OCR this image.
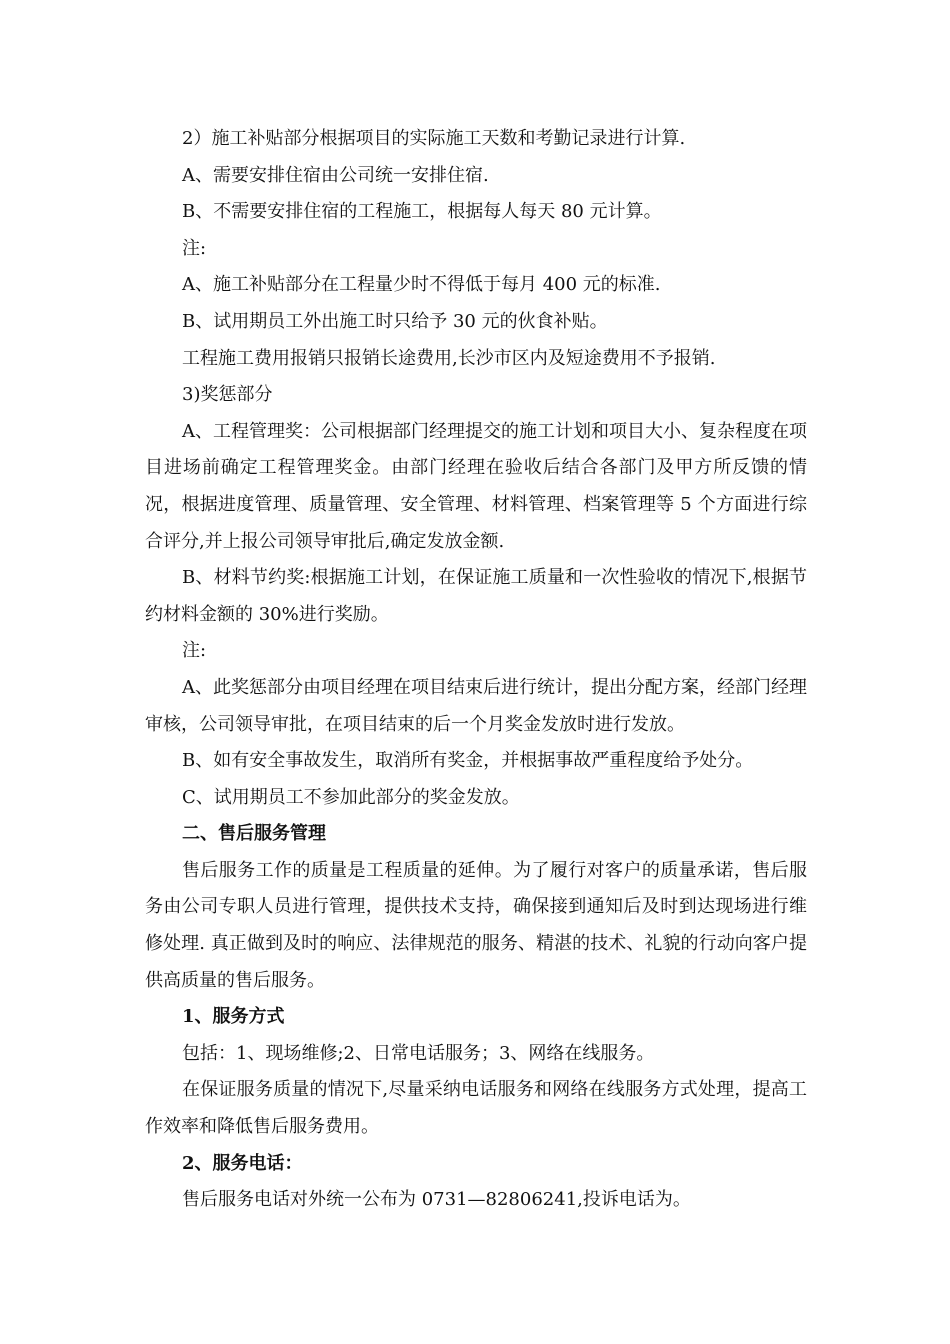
2）施工补贴部分根据项目的实际施工天数和考勤记录进行计算.

A、需要安排住宿由公司统一安排住宿.

B、不需要安排住宿的工程施工，根据每人每天 80 元计算。

注:

A、施工补贴部分在工程量少时不得低于每月 400 元的标准.

B、试用期员工外出施工时只给予 30 元的伙食补贴。

工程施工费用报销只报销长途费用,长沙市区内及短途费用不予报销.

3)奖惩部分

A、工程管理奖：公司根据部门经理提交的施工计划和项目大小、复杂程度在项目进场前确定工程管理奖金。由部门经理在验收后结合各部门及甲方所反馈的情况，根据进度管理、质量管理、安全管理、材料管理、档案管理等 5 个方面进行综合评分,并上报公司领导审批后,确定发放金额.

B、材料节约奖:根据施工计划，在保证施工质量和一次性验收的情况下,根据节约材料金额的 30%进行奖励。

注:

A、此奖惩部分由项目经理在项目结束后进行统计，提出分配方案，经部门经理审核，公司领导审批，在项目结束的后一个月奖金发放时进行发放。

B、如有安全事故发生，取消所有奖金，并根据事故严重程度给予处分。

C、试用期员工不参加此部分的奖金发放。

二、售后服务管理

售后服务工作的质量是工程质量的延伸。为了履行对客户的质量承诺，售后服务由公司专职人员进行管理，提供技术支持，确保接到通知后及时到达现场进行维修处理. 真正做到及时的响应、法律规范的服务、精湛的技术、礼貌的行动向客户提供高质量的售后服务。

1、服务方式

包括：1、现场维修;2、日常电话服务；3、网络在线服务。

在保证服务质量的情况下,尽量采纳电话服务和网络在线服务方式处理，提高工作效率和降低售后服务费用。

2、服务电话：

售后服务电话对外统一公布为 0731—82806241,投诉电话为。
